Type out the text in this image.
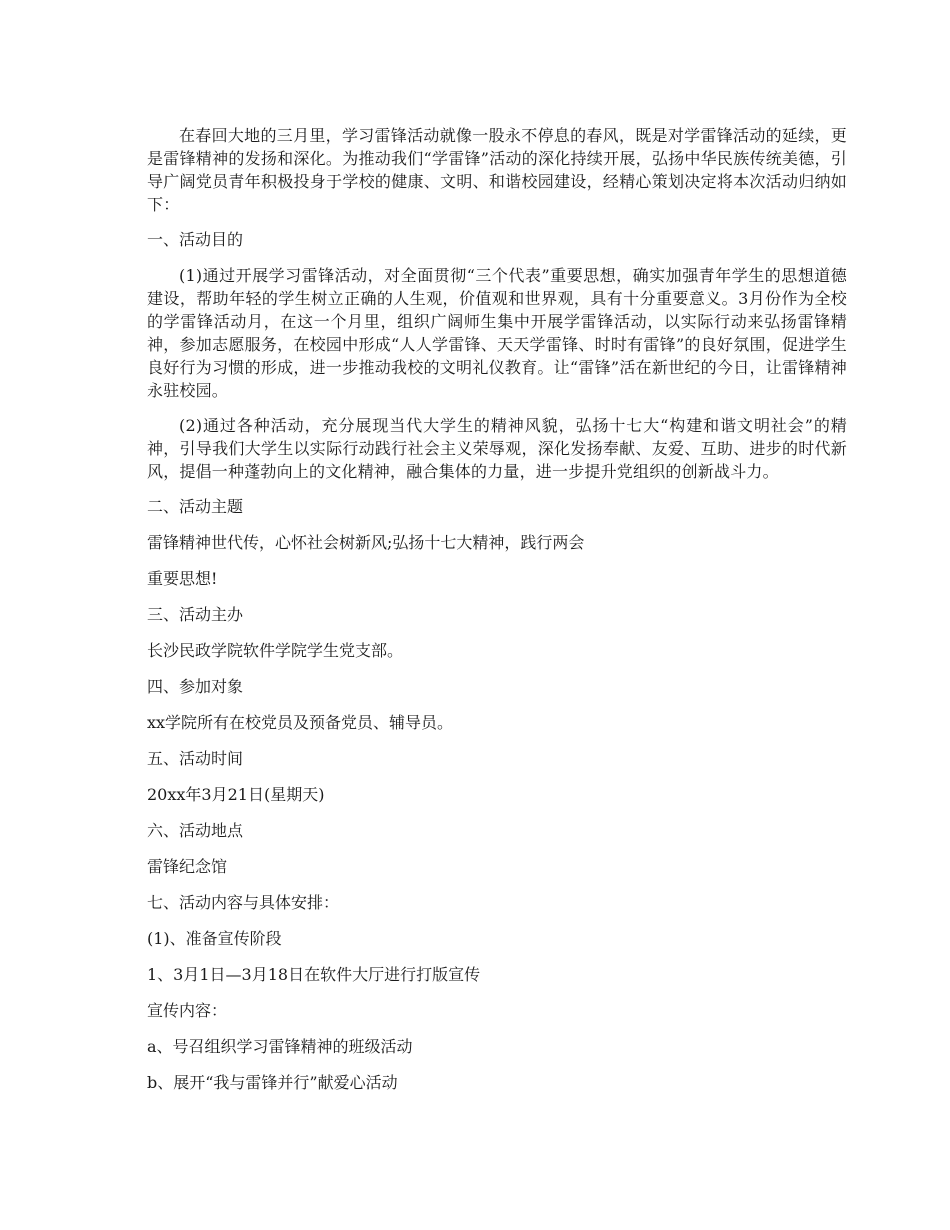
在春回大地的三月里，学习雷锋活动就像一股永不停息的春风，既是对学雷锋活动的延续，更是雷锋精神的发扬和深化。为推动我们“学雷锋”活动的深化持续开展，弘扬中华民族传统美德，引导广阔党员青年积极投身于学校的健康、文明、和谐校园建设，经精心策划决定将本次活动归纳如下：

一、活动目的

(1)通过开展学习雷锋活动，对全面贯彻“三个代表”重要思想，确实加强青年学生的思想道德建设，帮助年轻的学生树立正确的人生观，价值观和世界观，具有十分重要意义。3月份作为全校的学雷锋活动月，在这一个月里，组织广阔师生集中开展学雷锋活动，以实际行动来弘扬雷锋精神，参加志愿服务，在校园中形成“人人学雷锋、天天学雷锋、时时有雷锋”的良好氛围，促进学生良好行为习惯的形成，进一步推动我校的文明礼仪教育。让“雷锋”活在新世纪的今日，让雷锋精神永驻校园。

(2)通过各种活动，充分展现当代大学生的精神风貌，弘扬十七大“构建和谐文明社会”的精神，引导我们大学生以实际行动践行社会主义荣辱观，深化发扬奉献、友爱、互助、进步的时代新风，提倡一种蓬勃向上的文化精神，融合集体的力量，进一步提升党组织的创新战斗力。

二、活动主题

雷锋精神世代传，心怀社会树新风;弘扬十七大精神，践行两会

重要思想!

三、活动主办

长沙民政学院软件学院学生党支部。

四、参加对象

xx学院所有在校党员及预备党员、辅导员。

五、活动时间

20xx年3月21日(星期天)

六、活动地点

雷锋纪念馆

七、活动内容与具体安排：

(1)、准备宣传阶段

1、3月1日—3月18日在软件大厅进行打版宣传

宣传内容：

a、号召组织学习雷锋精神的班级活动

b、展开“我与雷锋并行”献爱心活动
